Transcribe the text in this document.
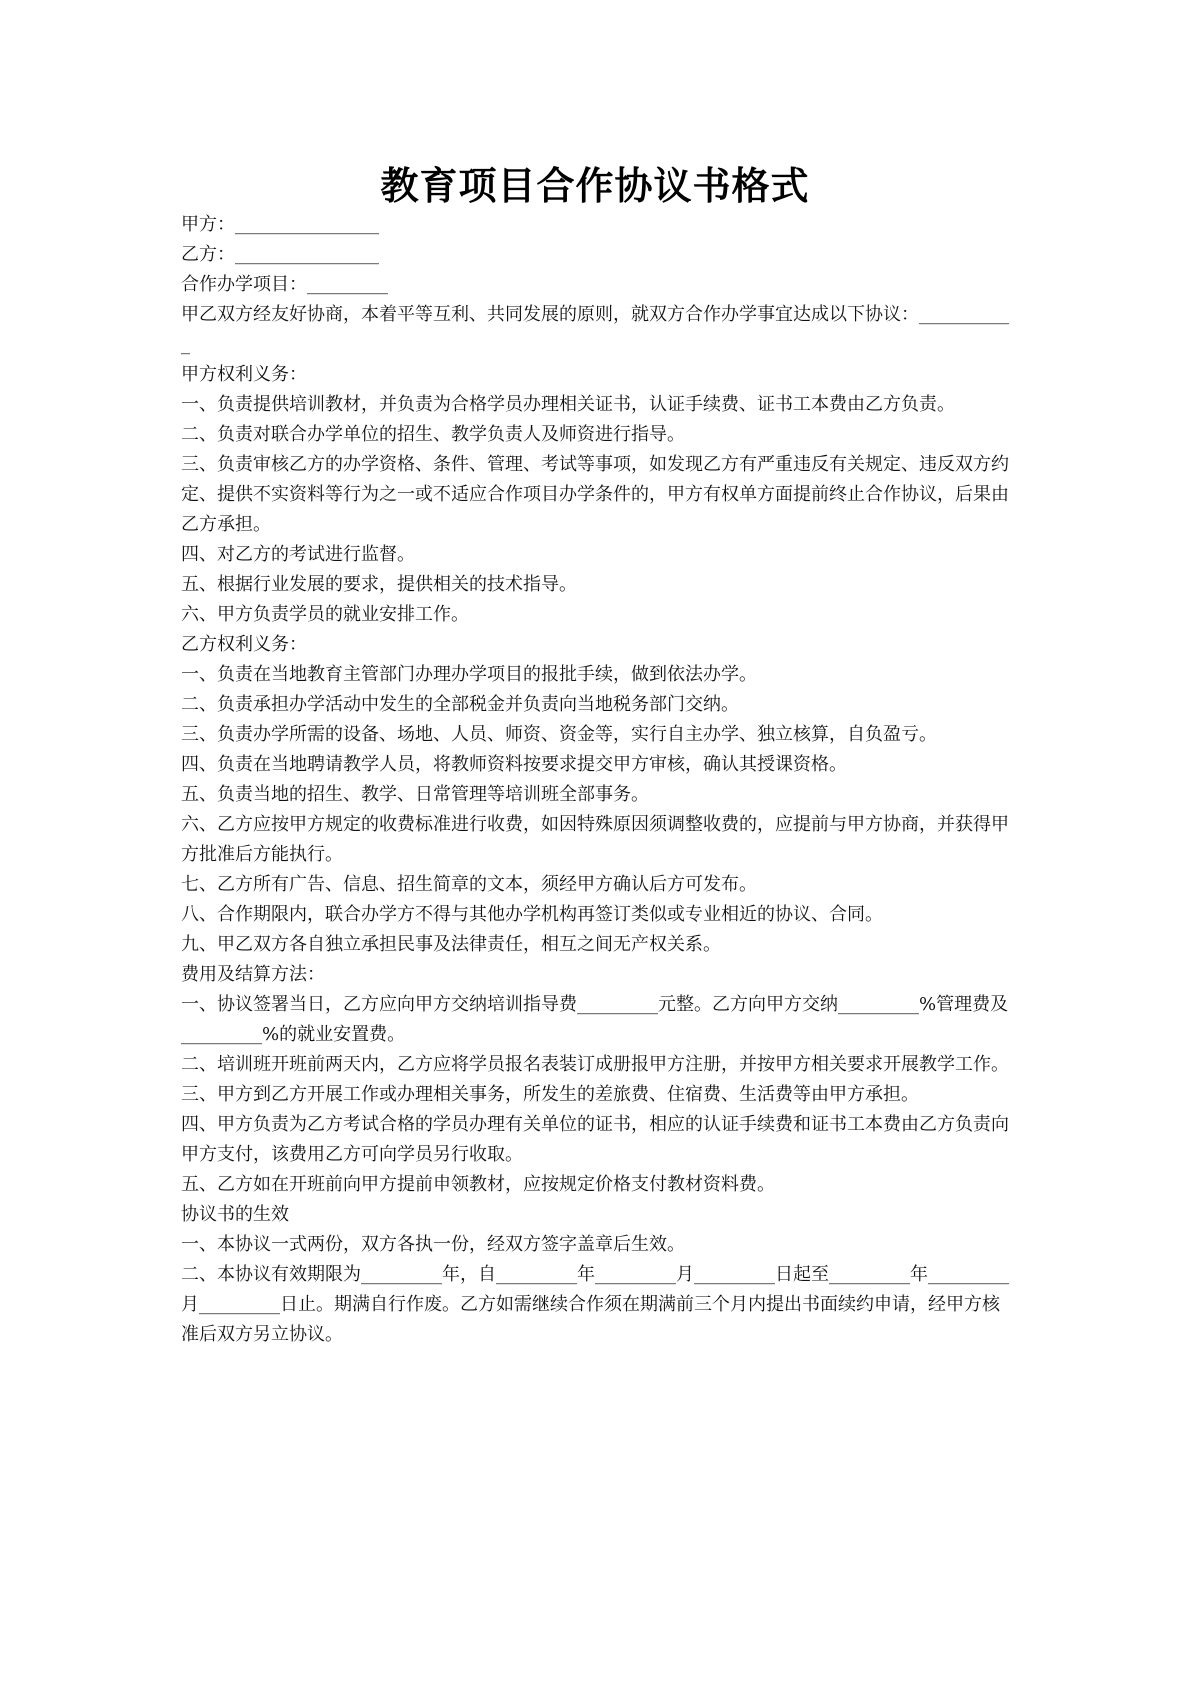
教育项目合作协议书格式
甲方：________________
乙方：________________
合作办学项目：_________
甲乙双方经友好协商，本着平等互利、共同发展的原则，就双方合作办学事宜达成以下协议：___________
甲方权利义务：
一、负责提供培训教材，并负责为合格学员办理相关证书，认证手续费、证书工本费由乙方负责。
二、负责对联合办学单位的招生、教学负责人及师资进行指导。
三、负责审核乙方的办学资格、条件、管理、考试等事项，如发现乙方有严重违反有关规定、违反双方约定、提供不实资料等行为之一或不适应合作项目办学条件的，甲方有权单方面提前终止合作协议，后果由乙方承担。
四、对乙方的考试进行监督。
五、根据行业发展的要求，提供相关的技术指导。
六、甲方负责学员的就业安排工作。
乙方权利义务：
一、负责在当地教育主管部门办理办学项目的报批手续，做到依法办学。
二、负责承担办学活动中发生的全部税金并负责向当地税务部门交纳。
三、负责办学所需的设备、场地、人员、师资、资金等，实行自主办学、独立核算，自负盈亏。
四、负责在当地聘请教学人员，将教师资料按要求提交甲方审核，确认其授课资格。
五、负责当地的招生、教学、日常管理等培训班全部事务。
六、乙方应按甲方规定的收费标准进行收费，如因特殊原因须调整收费的，应提前与甲方协商，并获得甲方批准后方能执行。
七、乙方所有广告、信息、招生简章的文本，须经甲方确认后方可发布。
八、合作期限内，联合办学方不得与其他办学机构再签订类似或专业相近的协议、合同。
九、甲乙双方各自独立承担民事及法律责任，相互之间无产权关系。
费用及结算方法：
一、协议签署当日，乙方应向甲方交纳培训指导费_________元整。乙方向甲方交纳_________%管理费及_________%的就业安置费。
二、培训班开班前两天内，乙方应将学员报名表装订成册报甲方注册，并按甲方相关要求开展教学工作。
三、甲方到乙方开展工作或办理相关事务，所发生的差旅费、住宿费、生活费等由甲方承担。
四、甲方负责为乙方考试合格的学员办理有关单位的证书，相应的认证手续费和证书工本费由乙方负责向甲方支付，该费用乙方可向学员另行收取。
五、乙方如在开班前向甲方提前申领教材，应按规定价格支付教材资料费。
协议书的生效
一、本协议一式两份，双方各执一份，经双方签字盖章后生效。
二、本协议有效期限为_________年，自_________年_________月_________日起至_________年_________月_________日止。期满自行作废。乙方如需继续合作须在期满前三个月内提出书面续约申请，经甲方核准后双方另立协议。
